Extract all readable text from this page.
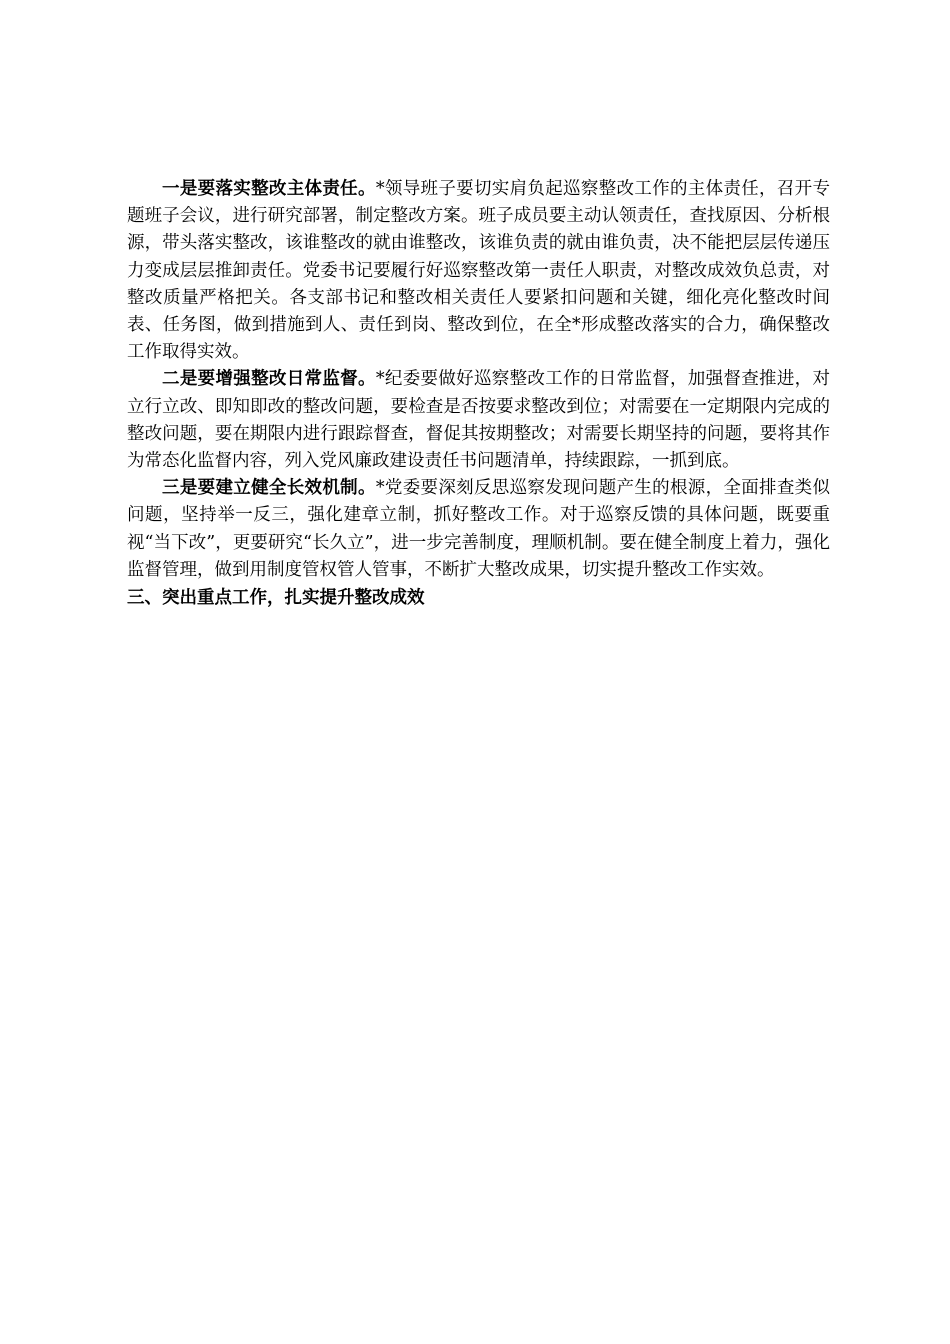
一是要落实整改主体责任。*领导班子要切实肩负起巡察整改工作的主体责任，召开专题班子会议，进行研究部署，制定整改方案。班子成员要主动认领责任，查找原因、分析根源，带头落实整改，该谁整改的就由谁整改，该谁负责的就由谁负责，决不能把层层传递压力变成层层推卸责任。党委书记要履行好巡察整改第一责任人职责，对整改成效负总责，对整改质量严格把关。各支部书记和整改相关责任人要紧扣问题和关键，细化亮化整改时间表、任务图，做到措施到人、责任到岗、整改到位，在全*形成整改落实的合力，确保整改工作取得实效。

二是要增强整改日常监督。*纪委要做好巡察整改工作的日常监督，加强督查推进，对立行立改、即知即改的整改问题，要检查是否按要求整改到位；对需要在一定期限内完成的整改问题，要在期限内进行跟踪督查，督促其按期整改；对需要长期坚持的问题，要将其作为常态化监督内容，列入党风廉政建设责任书问题清单，持续跟踪，一抓到底。

三是要建立健全长效机制。*党委要深刻反思巡察发现问题产生的根源，全面排查类似问题，坚持举一反三，强化建章立制，抓好整改工作。对于巡察反馈的具体问题，既要重视“当下改”，更要研究“长久立”，进一步完善制度，理顺机制。要在健全制度上着力，强化监督管理，做到用制度管权管人管事，不断扩大整改成果，切实提升整改工作实效。

三、突出重点工作，扎实提升整改成效
